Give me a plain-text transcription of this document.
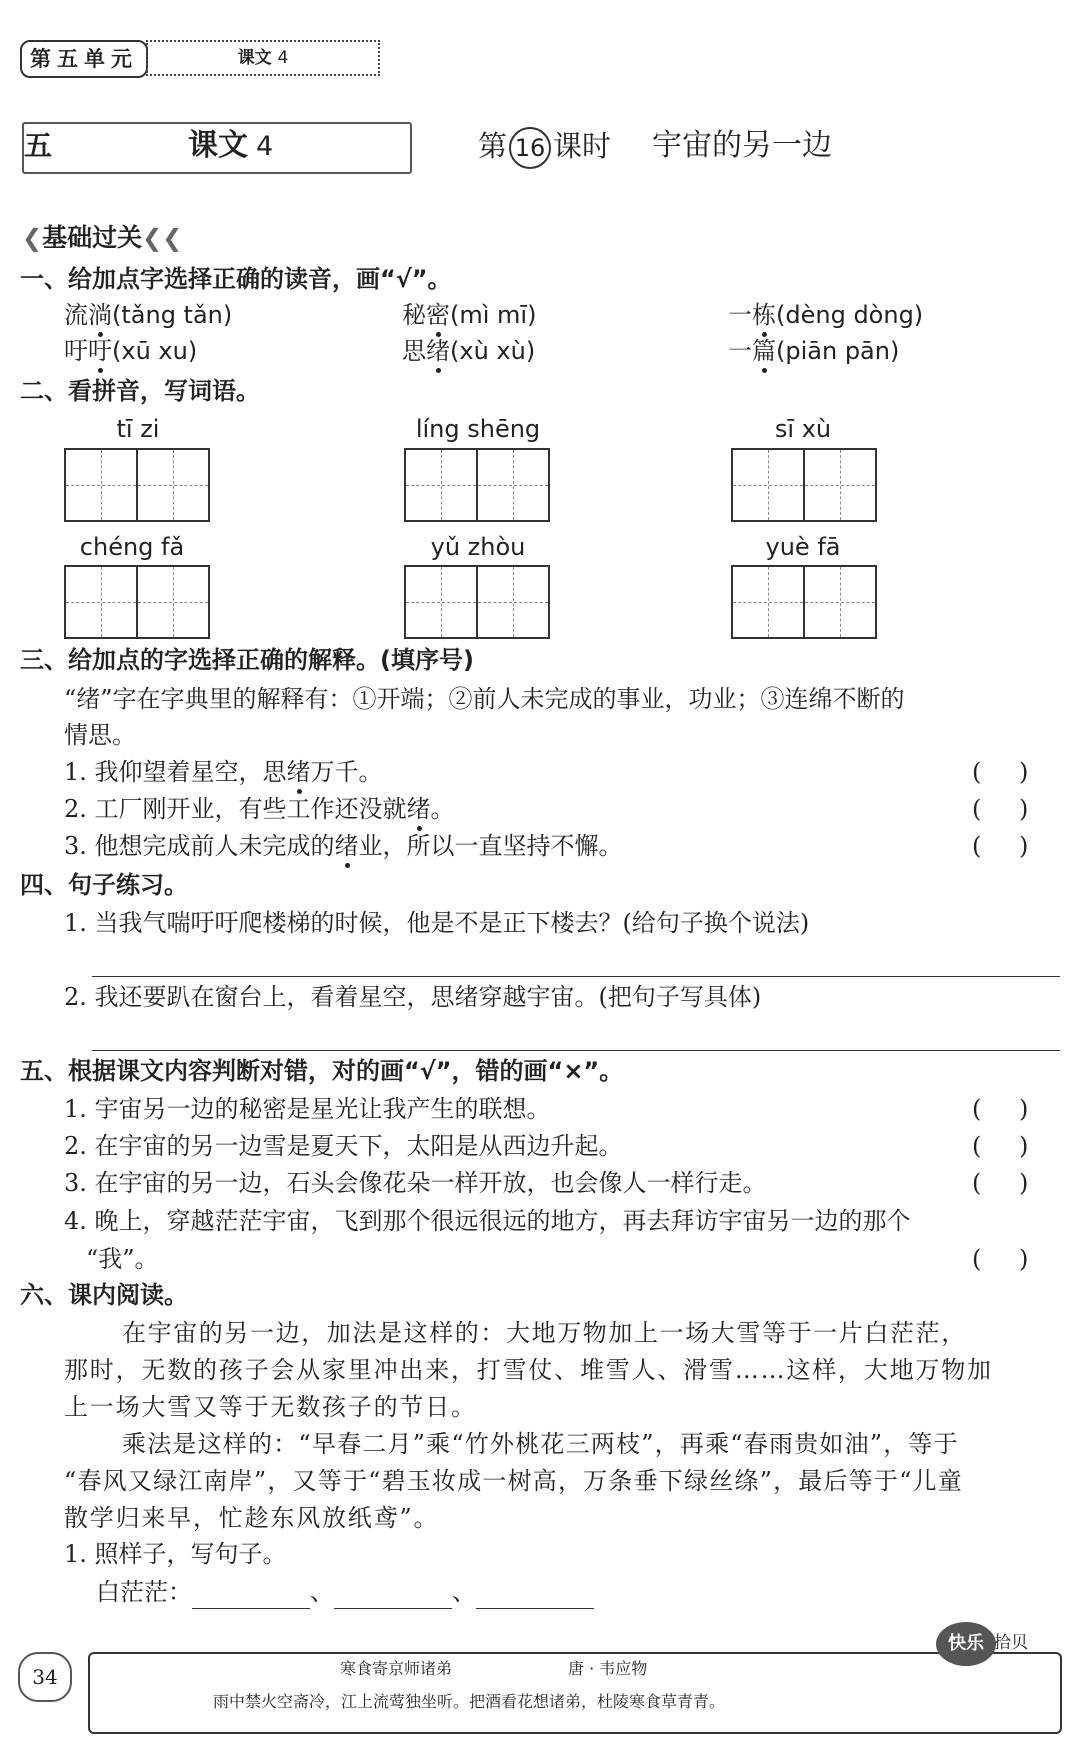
第五单元	课文 4
五	课文 4	第 16 课时 宇宙的另一边
❮基础过关❮❮
一、给加点字选择正确的读音，画“√”。
流淌(tǎng tǎn)	秘密(mì mī)	一栋(dèng dòng)
吁吁(xū xu)	思绪(xù xù)	一篇(piān pān)
二、看拼音，写词语。
tī zi	líng shēng	sī xù
chéng fǎ	yǔ zhòu	yuè fā
三、给加点的字选择正确的解释。(填序号)
“绪”字在字典里的解释有：①开端；②前人未完成的事业，功业；③连绵不断的
情思。
1. 我仰望着星空，思绪万千。	( )
2. 工厂刚开业，有些工作还没就绪。	( )
3. 他想完成前人未完成的绪业，所以一直坚持不懈。	( )
四、句子练习。
1. 当我气喘吁吁爬楼梯的时候，他是不是正下楼去？(给句子换个说法)
2. 我还要趴在窗台上，看着星空，思绪穿越宇宙。(把句子写具体)
五、根据课文内容判断对错，对的画“√”，错的画“×”。
1. 宇宙另一边的秘密是星光让我产生的联想。	( )
2. 在宇宙的另一边雪是夏天下，太阳是从西边升起。	( )
3. 在宇宙的另一边，石头会像花朵一样开放，也会像人一样行走。	( )
4. 晚上，穿越茫茫宇宙，飞到那个很远很远的地方，再去拜访宇宙另一边的那个
“我”。	( )
六、课内阅读。
在宇宙的另一边，加法是这样的：大地万物加上一场大雪等于一片白茫茫，
那时，无数的孩子会从家里冲出来，打雪仗、堆雪人、滑雪……这样，大地万物加
上一场大雪又等于无数孩子的节日。
乘法是这样的：“早春二月”乘“竹外桃花三两枝”，再乘“春雨贵如油”，等于
“春风又绿江南岸”，又等于“碧玉妆成一树高，万条垂下绿丝绦”，最后等于“儿童
散学归来早，忙趁东风放纸鸢”。
1. 照样子，写句子。
白茫茫：	、	、
34	寒食寄京师诸弟	唐 · 韦应物
雨中禁火空斋冷，江上流莺独坐听。把酒看花想诸弟，杜陵寒食草青青。
快乐 拾贝
